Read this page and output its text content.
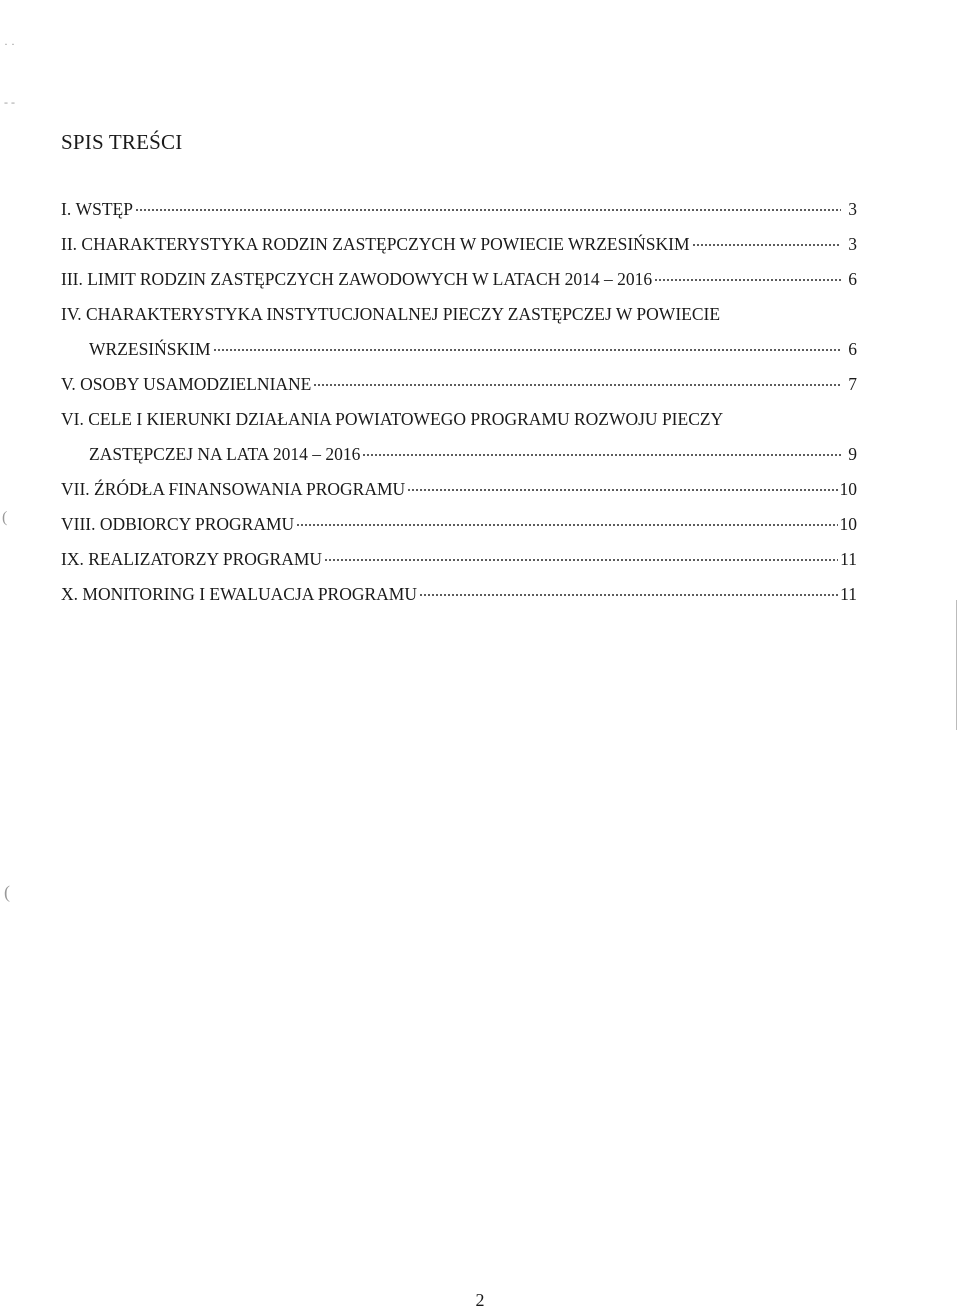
· ·
- -
(
(
SPIS TREŚCI
I.
WSTĘP	3
II.
CHARAKTERYSTYKA RODZIN ZASTĘPCZYCH W POWIECIE WRZESIŃSKIM	3
III.
LIMIT RODZIN ZASTĘPCZYCH ZAWODOWYCH W LATACH 2014 – 2016	6
IV.
CHARAKTERYSTYKA INSTYTUCJONALNEJ PIECZY ZASTĘPCZEJ W POWIECIE
WRZESIŃSKIM	6
V.
OSOBY USAMODZIELNIANE	7
VI.
CELE I KIERUNKI DZIAŁANIA POWIATOWEGO PROGRAMU ROZWOJU PIECZY
ZASTĘPCZEJ NA LATA 2014 – 2016	9
VII.
ŹRÓDŁA FINANSOWANIA PROGRAMU	10
VIII.
ODBIORCY PROGRAMU	10
IX.
REALIZATORZY PROGRAMU	11
X.
MONITORING I EWALUACJA PROGRAMU	11
2
